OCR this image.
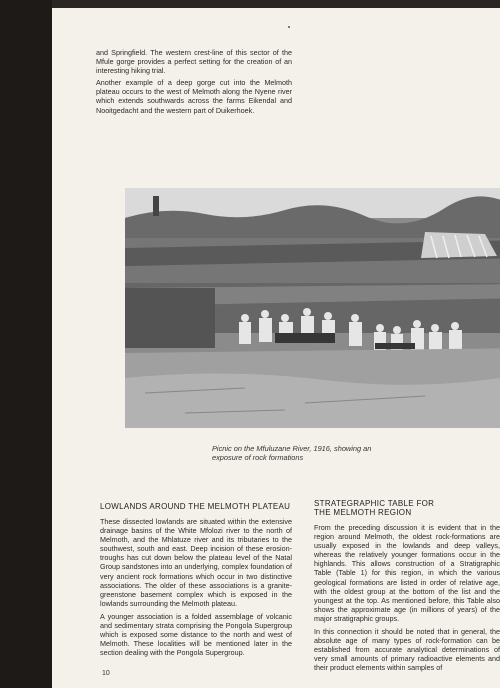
and Springfield. The western crest-line of this sector of the Mfule gorge provides a perfect setting for the creation of an interesting hiking trial.

Another example of a deep gorge cut into the Melmoth plateau occurs to the west of Melmoth along the Nyene river which extends southwards across the farms Eikendal and Nooitgedacht and the western part of Duikerhoek.

Picnic on the Mfuluzane River, 1916, showing an
exposure of rock formations
LOWLANDS AROUND THE MELMOTH PLATEAU

These dissected lowlands are situated within the extensive drainage basins of the White Mfolozi river to the north of Melmoth, and the Mhlatuze river and its tributaries to the southwest, south and east. Deep incision of these erosion-troughs has cut down below the plateau level of the Natal Group sandstones into an underlying, complex foundation of very ancient rock formations which occur in two distinctive associations. The older of these associations is a granite-greenstone basement complex which is exposed in the lowlands surrounding the Melmoth plateau.

A younger association is a folded assemblage of volcanic and sedimentary strata comprising the Pongola Supergroup which is exposed some distance to the north and west of Melmoth. These localities will be mentioned later in the section dealing with the Pongola Supergroup.

STRATEGRAPHIC TABLE FOR
THE MELMOTH REGION

From the preceding discussion it is evident that in the region around Melmoth, the oldest rock-formations are usually exposed in the lowlands and deep valleys, whereas the relatively younger formations occur in the highlands. This allows construction of a Stratigraphic Table (Table 1) for this region, in which the various geological formations are listed in order of relative age, with the oldest group at the bottom of the list and the youngest at the top. As mentioned before, this Table also shows the approximate age (in millions of years) of the major stratigraphic groups.

In this connection it should be noted that in general, the absolute age of many types of rock-formation can be established from accurate analytical determinations of very small amounts of primary radioactive elements and their product elements within samples of

10
